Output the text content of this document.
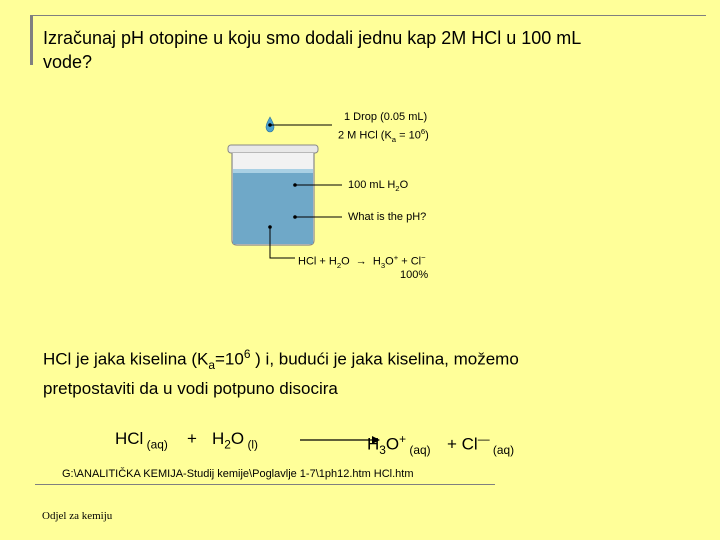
Izračunaj pH otopine u koju smo dodali jednu kap 2M HCl u 100 mL
vode?
1 Drop (0.05 mL)
2 M HCl $(K_a = 10^6)$
100 mL $H_2O$
What is the pH?
HCl + $H_2O \to H_3O^+ + Cl^-$
100%
HCl je jaka kiselina ($K_a=10^6$ ) i, budući je jaka kiselina, možemo
pretpostaviti da u vodi potpuno disocira
HCl $_{(aq)} + H_2O$ $_{(l)}$	$H_3O^+$ $_{(aq)}$ + Cl— $_{(aq)}$
G:\ANALITIČKA KEMIJA-Studij kemije\Poglavlje 1-7\1ph12.htm HCl.htm
Odjel za kemiju
